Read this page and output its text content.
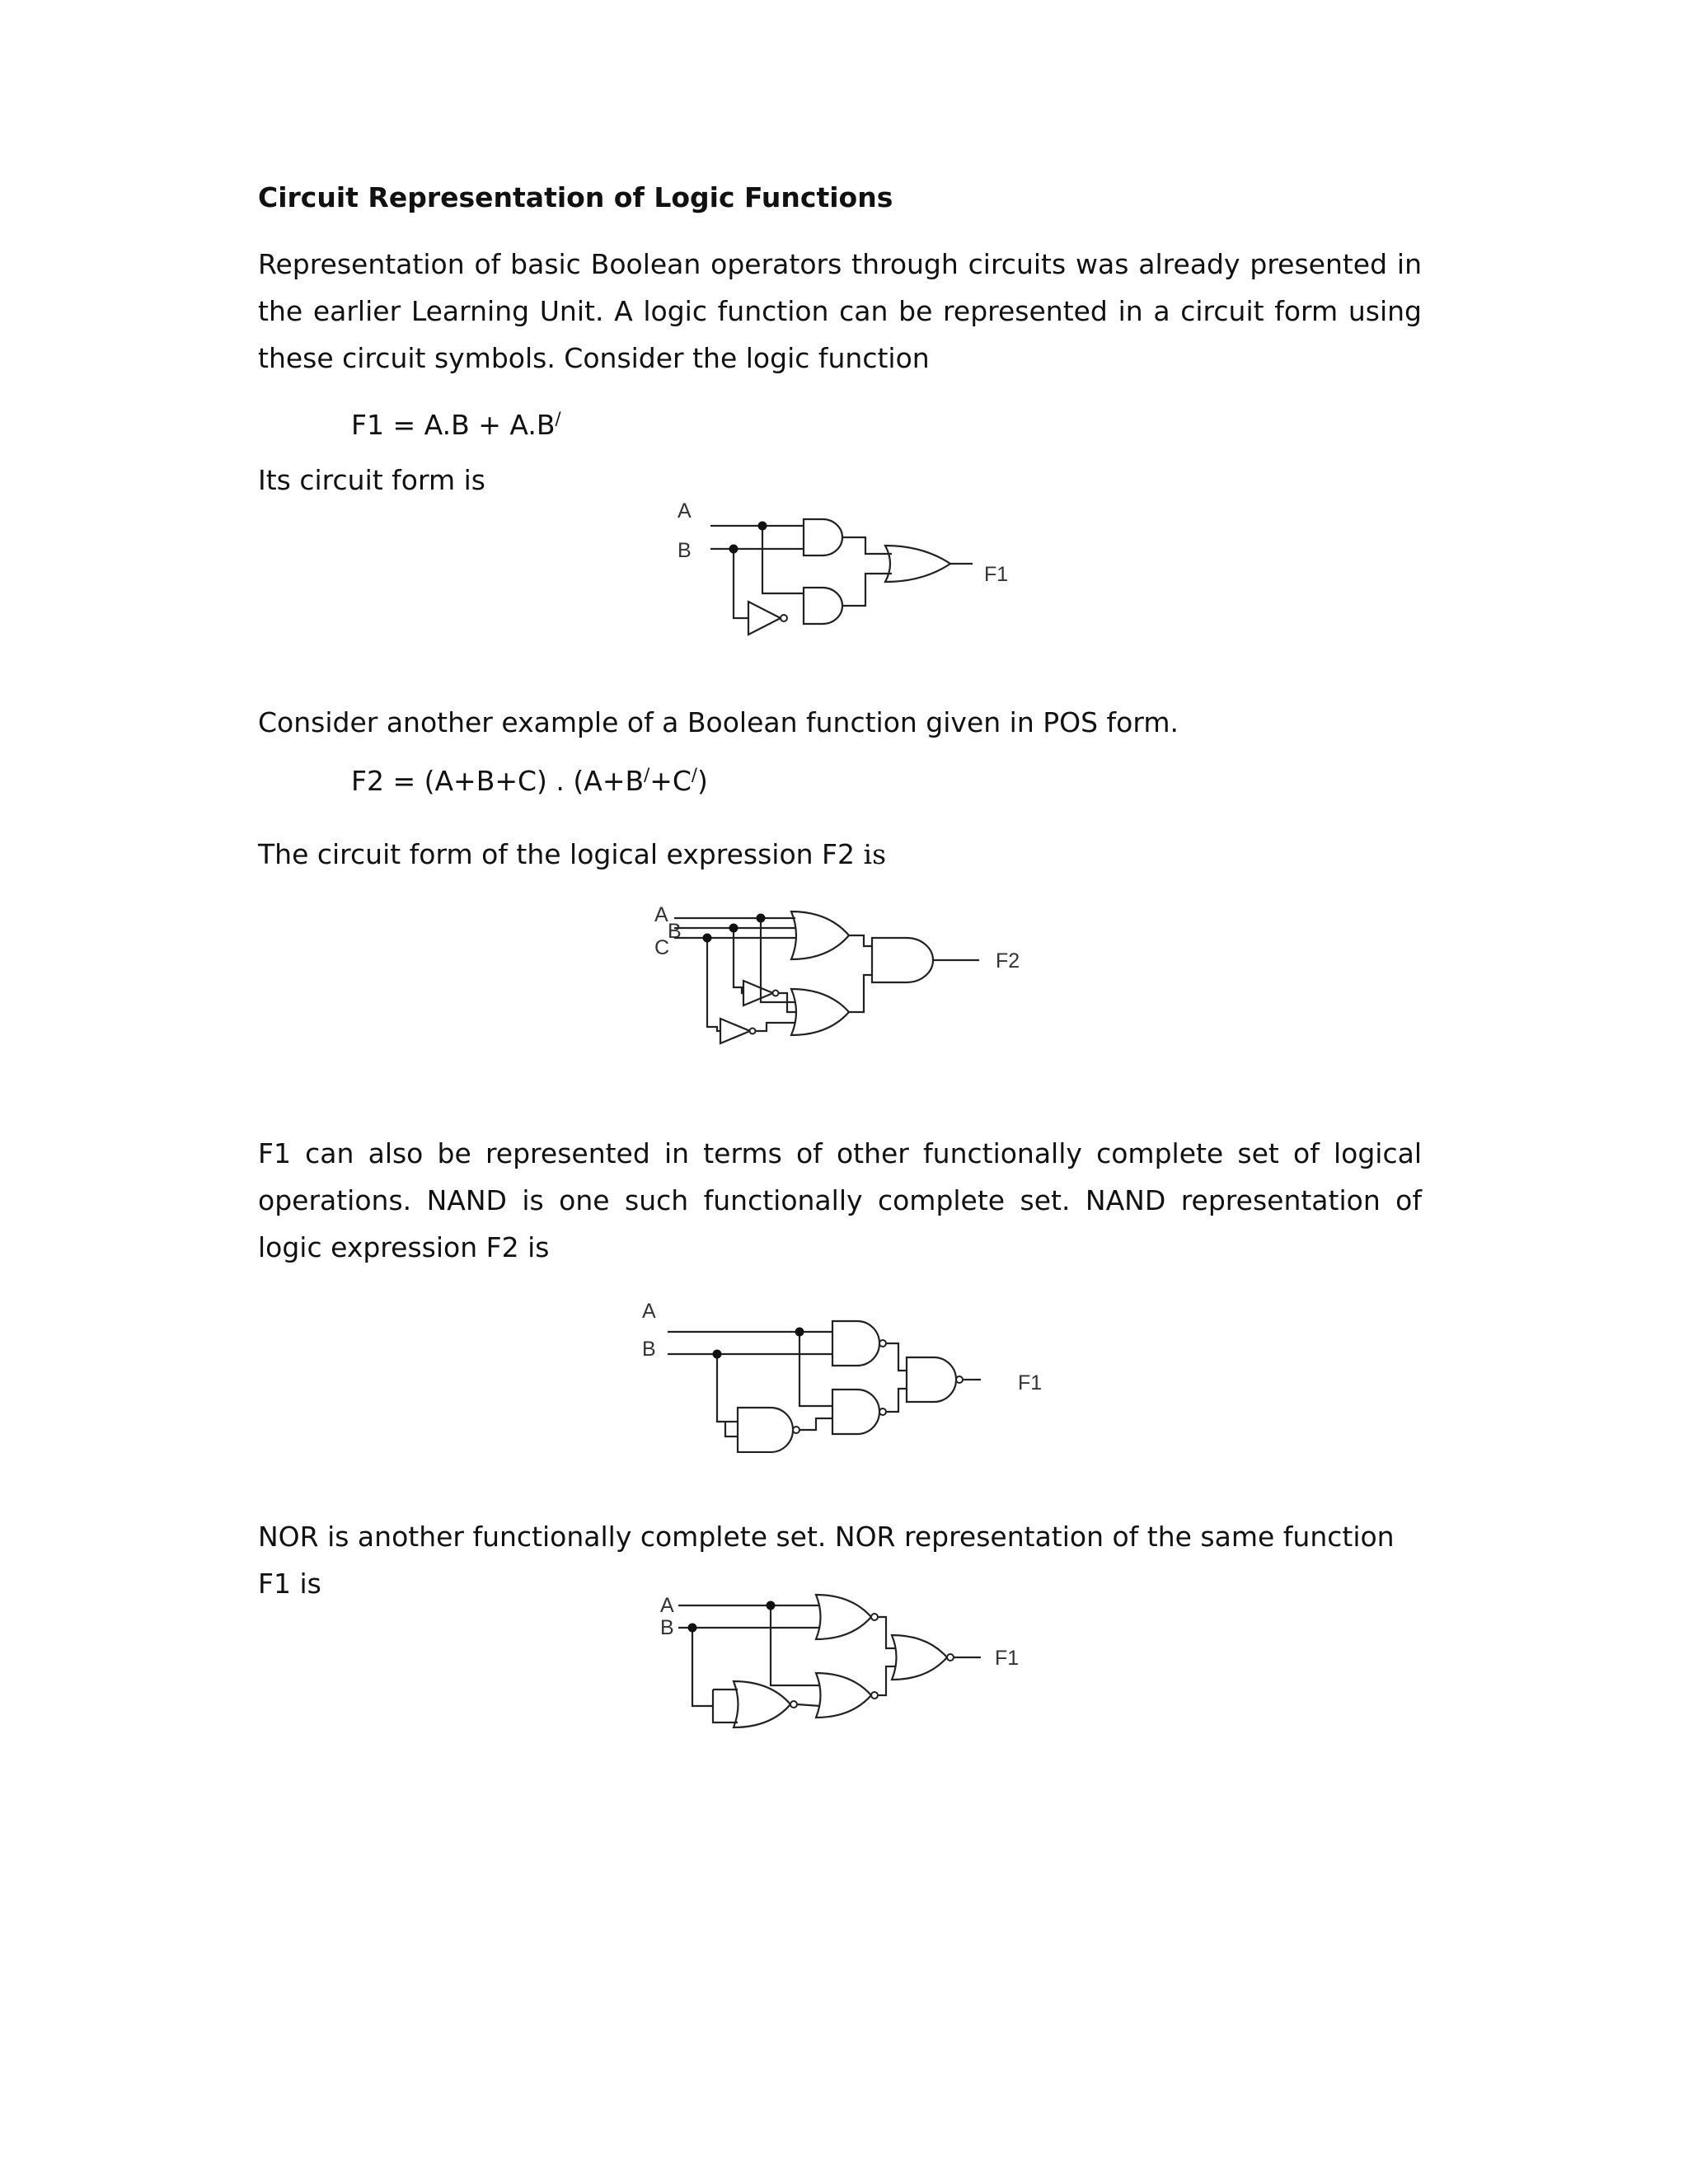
Circuit Representation of Logic Functions
Representation of basic Boolean operators through circuits was already presented in the earlier Learning Unit. A logic function can be represented in a circuit form using these circuit symbols. Consider the logic function
F1 = A.B + A.B/
Its circuit form is
A
B
F1
Consider another example of a Boolean function given in POS form.
F2 = (A+B+C) . (A+B/+C/)
The circuit form of the logical expression F2 is
A
B
C
F2
F1 can also be represented in terms of other functionally complete set of logical operations. NAND is one such functionally complete set. NAND representation of logic expression F2 is
A
B
F1
NOR is another functionally complete set. NOR representation of the same function F1 is
A
B
F1
